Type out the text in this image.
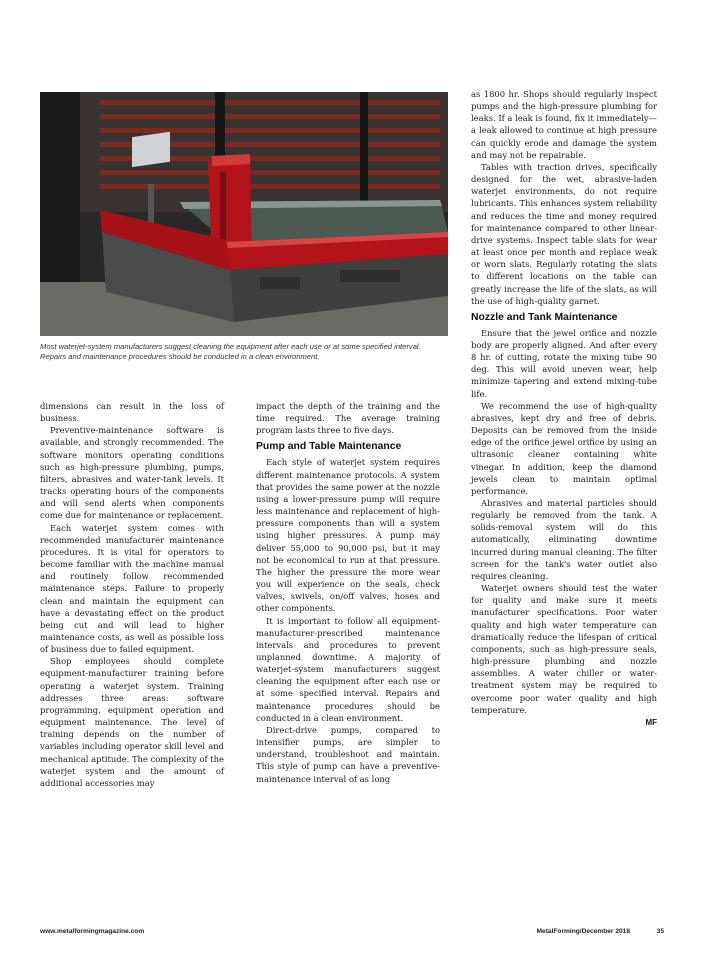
Most waterjet-system manufacturers suggest cleaning the equipment after each use or at some specified interval. Repairs and maintenance procedures should be conducted in a clean environment.

dimensions can result in the loss of business.

Preventive-maintenance software is available, and strongly recommended. The software monitors operating conditions such as high-pressure plumbing, pumps, filters, abrasives and water-tank levels. It tracks operating hours of the components and will send alerts when components come due for maintenance or replacement.

Each waterjet system comes with recommended manufacturer maintenance procedures. It is vital for operators to become familiar with the machine manual and routinely follow recommended maintenance steps. Failure to properly clean and maintain the equipment can have a devastating effect on the product being cut and will lead to higher maintenance costs, as well as possible loss of business due to failed equipment.

Shop employees should complete equipment-manufacturer training before operating a waterjet system. Training addresses three areas: software programming, equipment operation and equipment maintenance. The level of training depends on the number of variables including operator skill level and mechanical aptitude. The complexity of the waterjet system and the amount of additional accessories may

impact the depth of the training and the time required. The average training program lasts three to five days.

Pump and Table Maintenance

Each style of waterjet system requires different maintenance protocols. A system that provides the same power at the nozzle using a lower-pressure pump will require less maintenance and replacement of high-pressure components than will a system using higher pressures. A pump may deliver 55,000 to 90,000 psi, but it may not be economical to run at that pressure. The higher the pressure the more wear you will experience on the seals, check valves, swivels, on/off valves, hoses and other components.

It is important to follow all equipment-manufacturer-prescribed maintenance intervals and procedures to prevent unplanned downtime. A majority of waterjet-system manufacturers suggest cleaning the equipment after each use or at some specified interval. Repairs and maintenance procedures should be conducted in a clean environment.

Direct-drive pumps, compared to intensifier pumps, are simpler to understand, troubleshoot and maintain. This style of pump can have a preventive-maintenance interval of as long

as 1800 hr. Shops should regularly inspect pumps and the high-pressure plumbing for leaks. If a leak is found, fix it immediately—a leak allowed to continue at high pressure can quickly erode and damage the system and may not be repairable.

Tables with traction drives, specifically designed for the wet, abrasive-laden waterjet environments, do not require lubricants. This enhances system reliability and reduces the time and money required for maintenance compared to other linear-drive systems. Inspect table slats for wear at least once per month and replace weak or worn slats. Regularly rotating the slats to different locations on the table can greatly increase the life of the slats, as will the use of high-quality garnet.

Nozzle and Tank Maintenance

Ensure that the jewel orifice and nozzle body are properly aligned. And after every 8 hr. of cutting, rotate the mixing tube 90 deg. This will avoid uneven wear, help minimize tapering and extend mixing-tube life.

We recommend the use of high-quality abrasives, kept dry and free of debris. Deposits can be removed from the inside edge of the orifice jewel orifice by using an ultrasonic cleaner containing white vinegar. In addition, keep the diamond jewels clean to maintain optimal performance.

Abrasives and material particles should regularly be removed from the tank. A solids-removal system will do this automatically, eliminating downtime incurred during manual cleaning. The filter screen for the tank's water outlet also requires cleaning.

Waterjet owners should test the water for quality and make sure it meets manufacturer specifications. Poor water quality and high water temperature can dramatically reduce the lifespan of critical components, such as high-pressure seals, high-pressure plumbing and nozzle assemblies. A water chiller or water-treatment system may be required to overcome poor water quality and high temperature.

MF
www.metalformingmagazine.com	MetalForming/December 2018	35
